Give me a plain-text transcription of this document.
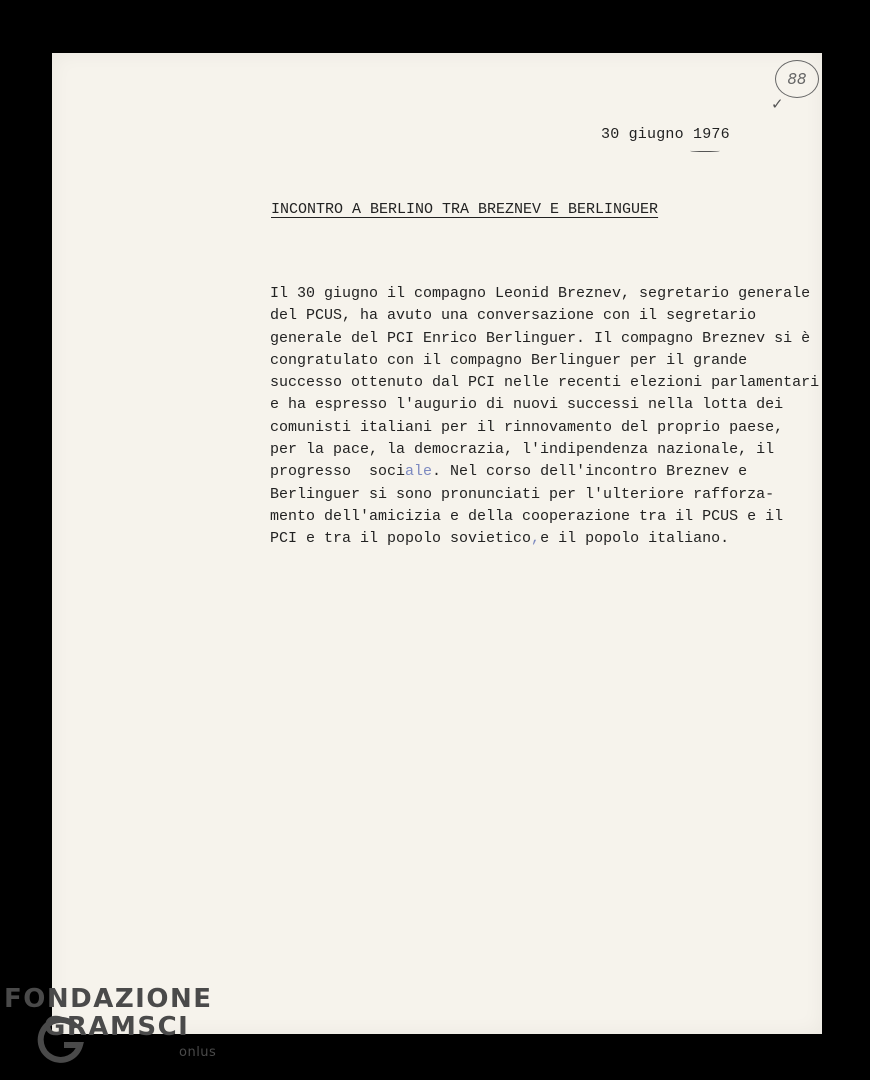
88
✓
30 giugno 1976
INCONTRO A BERLINO TRA BREZNEV E BERLINGUER
Il 30 giugno il compagno Leonid Breznev, segretario generale
del PCUS, ha avuto una conversazione con il segretario
generale del PCI Enrico Berlinguer. Il compagno Breznev si è
congratulato con il compagno Berlinguer per il grande
successo ottenuto dal PCI nelle recenti elezioni parlamentari
e ha espresso l'augurio di nuovi successi nella lotta dei
comunisti italiani per il rinnovamento del proprio paese,
per la pace, la democrazia, l'indipendenza nazionale, il
progresso  sociale. Nel corso dell'incontro Breznev e
Berlinguer si sono pronunciati per l'ulteriore rafforza-
mento dell'amicizia e della cooperazione tra il PCUS e il
PCI e tra il popolo sovietico,e il popolo italiano.
FONDAZIONE
GRAMSCI
onlus
